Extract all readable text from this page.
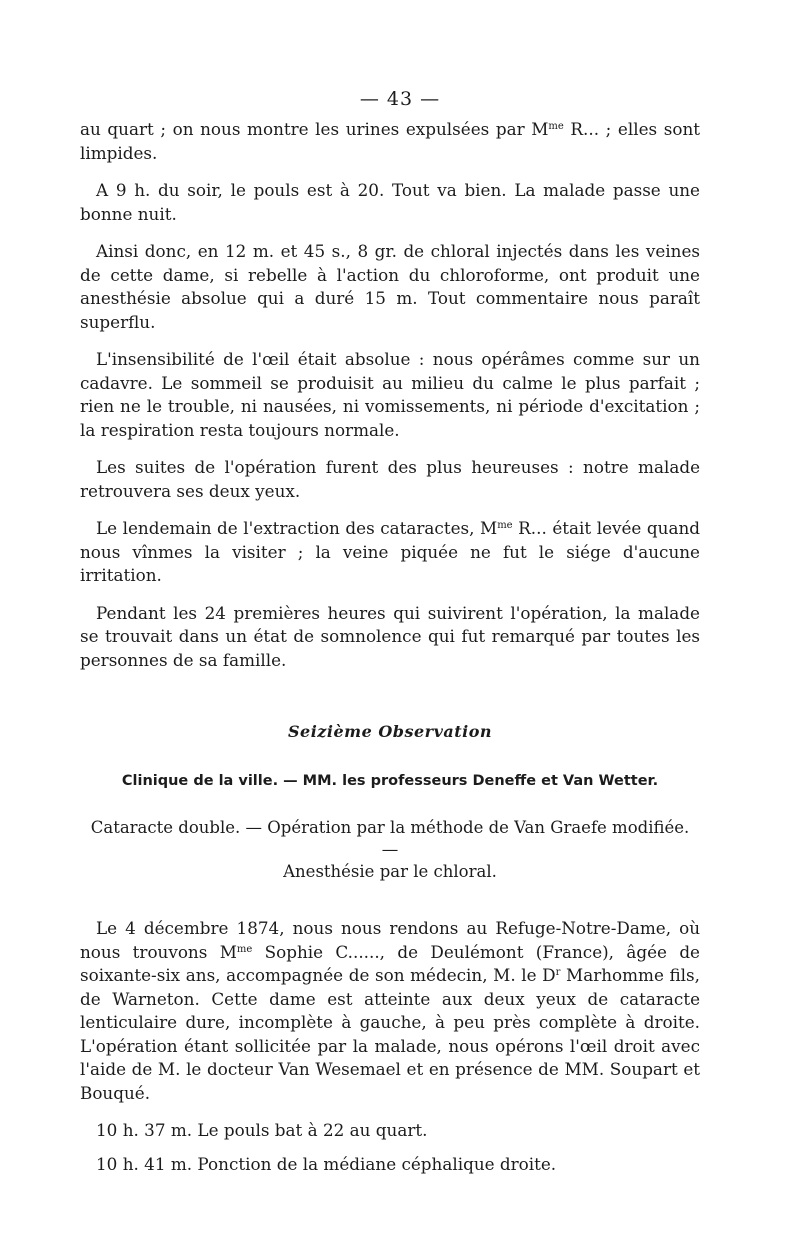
— 43 —

au quart ; on nous montre les urines expulsées par $M^{me}$ R... ; elles sont limpides.

A 9 h. du soir, le pouls est à 20. Tout va bien. La malade passe une bonne nuit.

Ainsi donc, en 12 m. et 45 s., 8 gr. de chloral injectés dans les veines de cette dame, si rebelle à l'action du chloroforme, ont produit une anesthésie absolue qui a duré 15 m. Tout commentaire nous paraît superflu.

L'insensibilité de l'œil était absolue : nous opérâmes comme sur un cadavre. Le sommeil se produisit au milieu du calme le plus parfait ; rien ne le trouble, ni nausées, ni vomissements, ni période d'excitation ; la respiration resta toujours normale.

Les suites de l'opération furent des plus heureuses : notre malade retrouvera ses deux yeux.

Le lendemain de l'extraction des cataractes, $M^{me}$ R... était levée quand nous vînmes la visiter ; la veine piquée ne fut le siége d'aucune irritation.

Pendant les 24 premières heures qui suivirent l'opération, la malade se trouvait dans un état de somnolence qui fut remarqué par toutes les personnes de sa famille.

Seizième Observation
Clinique de la ville. — MM. les professeurs Deneffe et Van Wetter.
Cataracte double. — Opération par la méthode de Van Graefe modifiée. —
Anesthésie par le chloral.

Le 4 décembre 1874, nous nous rendons au Refuge-Notre-Dame, où nous trouvons $M^{me}$ Sophie C......, de Deulémont (France), âgée de soixante-six ans, accompagnée de son médecin, M. le $D^r$ Marhomme fils, de Warneton. Cette dame est atteinte aux deux yeux de cataracte lenticulaire dure, incomplète à gauche, à peu près complète à droite. L'opération étant sollicitée par la malade, nous opérons l'œil droit avec l'aide de M. le docteur Van Wesemael et en présence de MM. Soupart et Bouqué.

10 h. 37 m. Le pouls bat à 22 au quart.

10 h. 41 m. Ponction de la médiane céphalique droite.
